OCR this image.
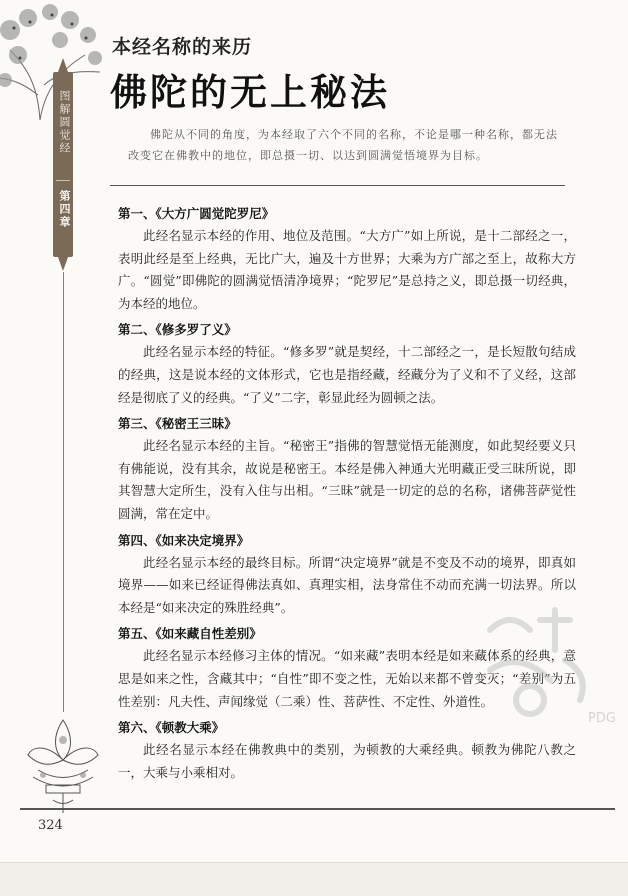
图解圆觉经
第四章
本经名称的来历
佛陀的无上秘法

佛陀从不同的角度，为本经取了六个不同的名称，不论是哪一种名称，都无法改变它在佛教中的地位，即总摄一切、以达到圆满觉悟境界为目标。

第一、《大方广圆觉陀罗尼》
此经名显示本经的作用、地位及范围。“大方广”如上所说，是十二部经之一，表明此经是至上经典，无比广大，遍及十方世界；大乘为方广部之至上，故称大方广。“圆觉”即佛陀的圆满觉悟清净境界；“陀罗尼”是总持之义，即总摄一切经典，为本经的地位。
第二、《修多罗了义》
此经名显示本经的特征。“修多罗”就是契经，十二部经之一，是长短散句结成的经典，这是说本经的文体形式，它也是指经藏，经藏分为了义和不了义经，这部经是彻底了义的经典。“了义”二字，彰显此经为圆顿之法。
第三、《秘密王三昧》
此经名显示本经的主旨。“秘密王”指佛的智慧觉悟无能测度，如此契经要义只有佛能说，没有其余，故说是秘密王。本经是佛入神通大光明藏正受三昧所说，即其智慧大定所生，没有入住与出相。“三昧”就是一切定的总的名称，诸佛菩萨觉性圆满，常在定中。
第四、《如来决定境界》
此经名显示本经的最终目标。所谓“决定境界”就是不变及不动的境界，即真如境界——如来已经证得佛法真如、真理实相，法身常住不动而充满一切法界。所以本经是“如来决定的殊胜经典”。
第五、《如来藏自性差别》
此经名显示本经修习主体的情况。“如来藏”表明本经是如来藏体系的经典，意思是如来之性，含藏其中；“自性”即不变之性，无始以来都不曾变灭；“差别”为五性差别：凡夫性、声闻缘觉（二乘）性、菩萨性、不定性、外道性。
第六、《顿教大乘》
此经名显示本经在佛教典中的类别，为顿教的大乘经典。顿教为佛陀八教之一，大乘与小乘相对。
PDG
324
